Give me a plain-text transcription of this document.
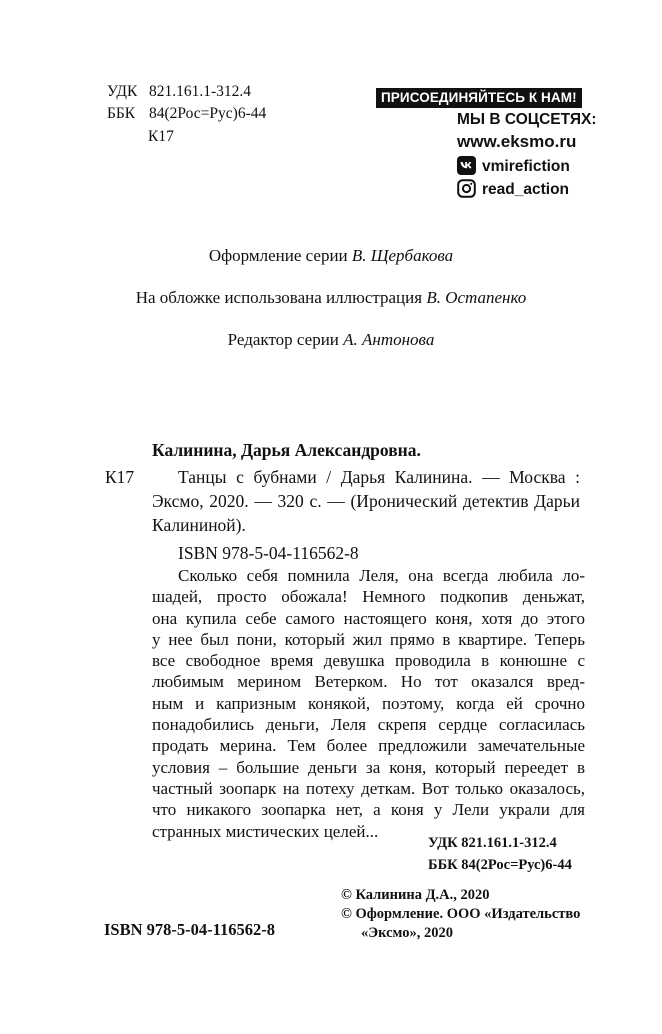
УДК 821.161.1-312.4
ББК 84(2Рос=Рус)6-44
К17
ПРИСОЕДИНЯЙТЕСЬ К НАМ!
МЫ В СОЦСЕТЯХ:
www.eksmo.ru
vmirefiction
read_action
Оформление серии В. Щербакова
На обложке использована иллюстрация В. Остапенко
Редактор серии А. Антонова
Калинина, Дарья Александровна.
К17	Танцы с бубнами / Дарья Калинина. — Москва :
Эксмо, 2020. — 320 с. — (Иронический детектив Дарьи
Калининой).
ISBN 978-5-04-116562-8
Сколько себя помнила Леля, она всегда любила ло-
шадей, просто обожала! Немного подкопив деньжат,
она купила себе самого настоящего коня, хотя до этого
у нее был пони, который жил прямо в квартире. Теперь
все свободное время девушка проводила в конюшне с
любимым мерином Ветерком. Но тот оказался вред-
ным и капризным конякой, поэтому, когда ей срочно
понадобились деньги, Леля скрепя сердце согласилась
продать мерина. Тем более предложили замечательные
условия – большие деньги за коня, который переедет в
частный зоопарк на потеху деткам. Вот только оказалось,
что никакого зоопарка нет, а коня у Лели украли для
странных мистических целей...
УДК 821.161.1-312.4
ББК 84(2Рос=Рус)6-44
© Калинина Д.А., 2020
© Оформление. ООО «Издательство
«Эксмо», 2020
ISBN 978-5-04-116562-8
